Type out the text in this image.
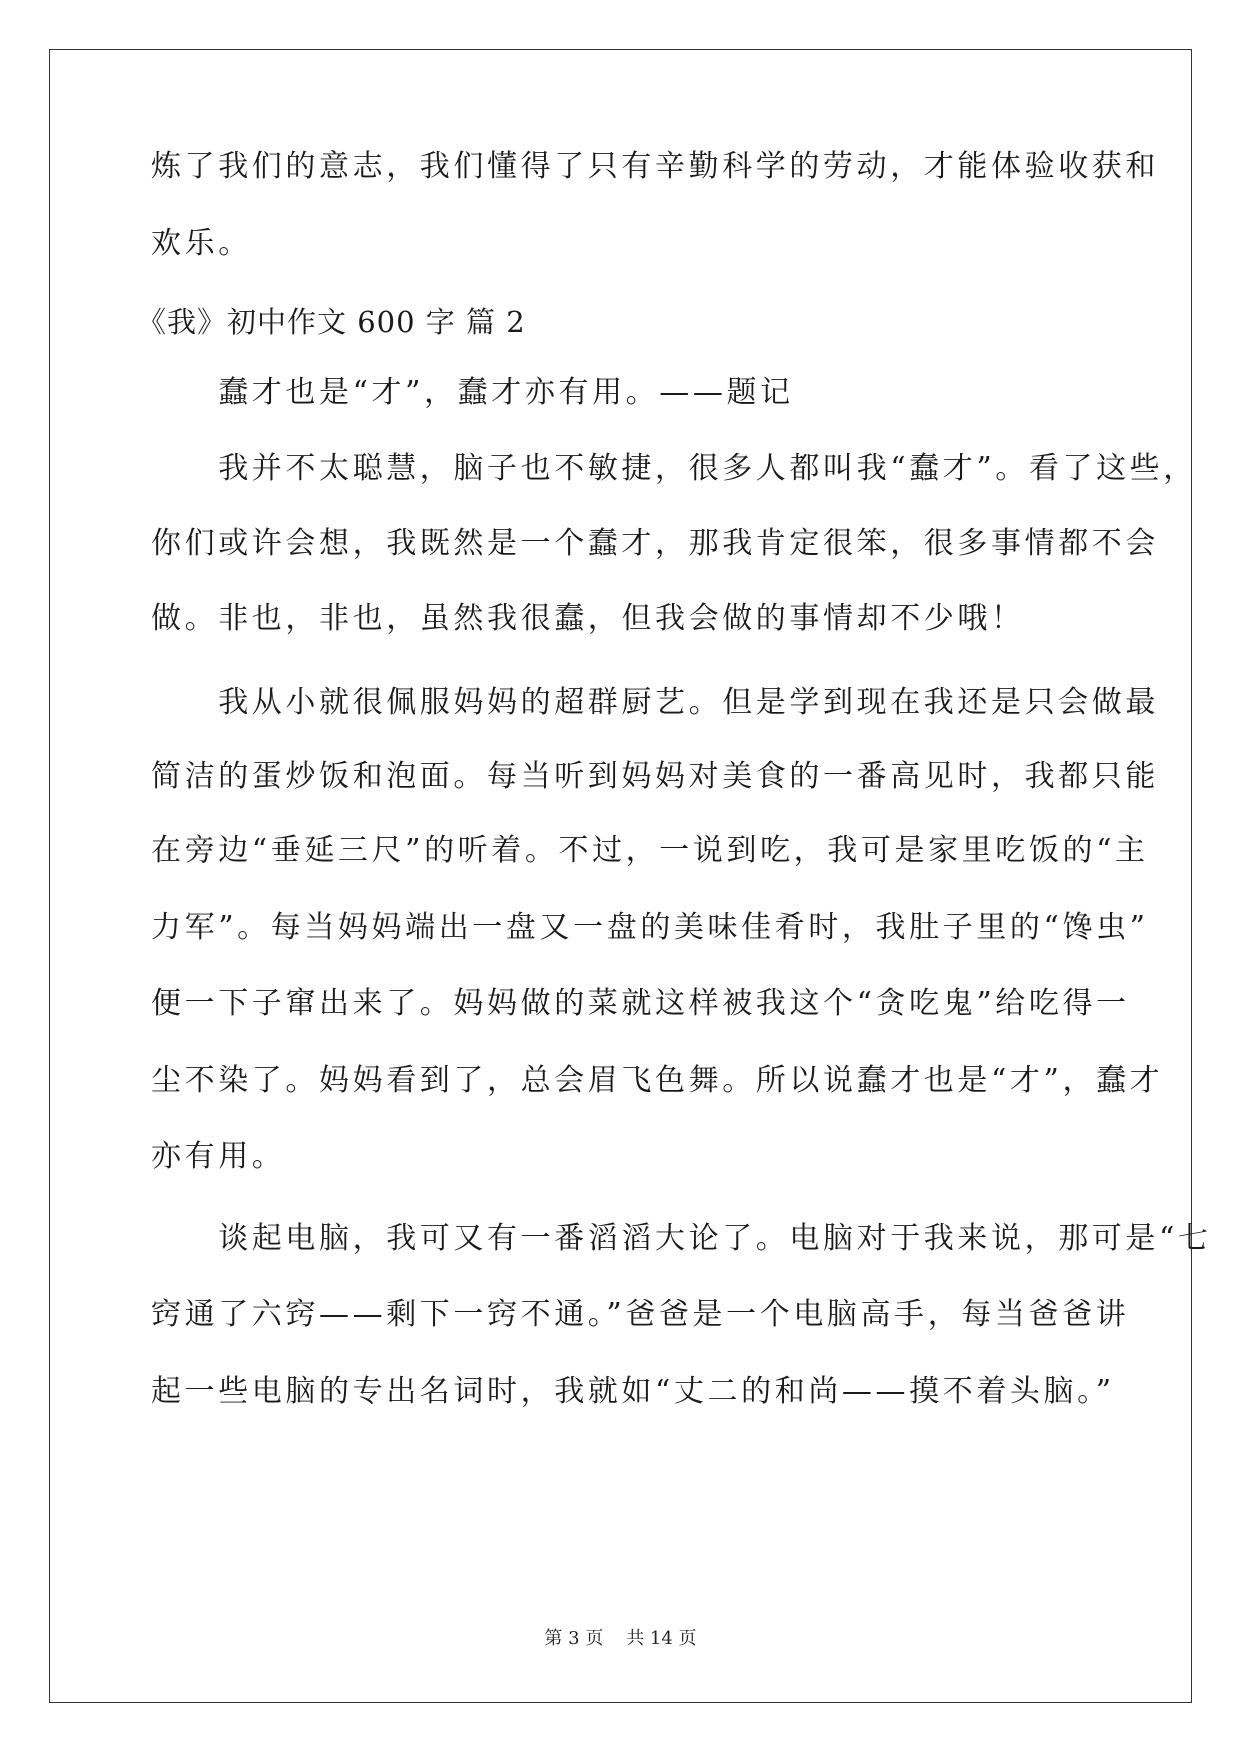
炼了我们的意志，我们懂得了只有辛勤科学的劳动，才能体验收获和
欢乐。
《我》初中作文 600 字 篇 2
　　蠢才也是“才”，蠢才亦有用。——题记
　　我并不太聪慧，脑子也不敏捷，很多人都叫我“蠢才”。看了这些，
你们或许会想，我既然是一个蠢才，那我肯定很笨，很多事情都不会
做。非也，非也，虽然我很蠢，但我会做的事情却不少哦！
　　我从小就很佩服妈妈的超群厨艺。但是学到现在我还是只会做最
简洁的蛋炒饭和泡面。每当听到妈妈对美食的一番高见时，我都只能
在旁边“垂延三尺”的听着。不过，一说到吃，我可是家里吃饭的“主
力军”。每当妈妈端出一盘又一盘的美味佳肴时，我肚子里的“馋虫”
便一下子窜出来了。妈妈做的菜就这样被我这个“贪吃鬼”给吃得一
尘不染了。妈妈看到了，总会眉飞色舞。所以说蠢才也是“才”，蠢才
亦有用。
　　谈起电脑，我可又有一番滔滔大论了。电脑对于我来说，那可是“七
窍通了六窍——剩下一窍不通。”爸爸是一个电脑高手，每当爸爸讲
起一些电脑的专出名词时，我就如“丈二的和尚——摸不着头脑。”
第 3 页    共 14 页
